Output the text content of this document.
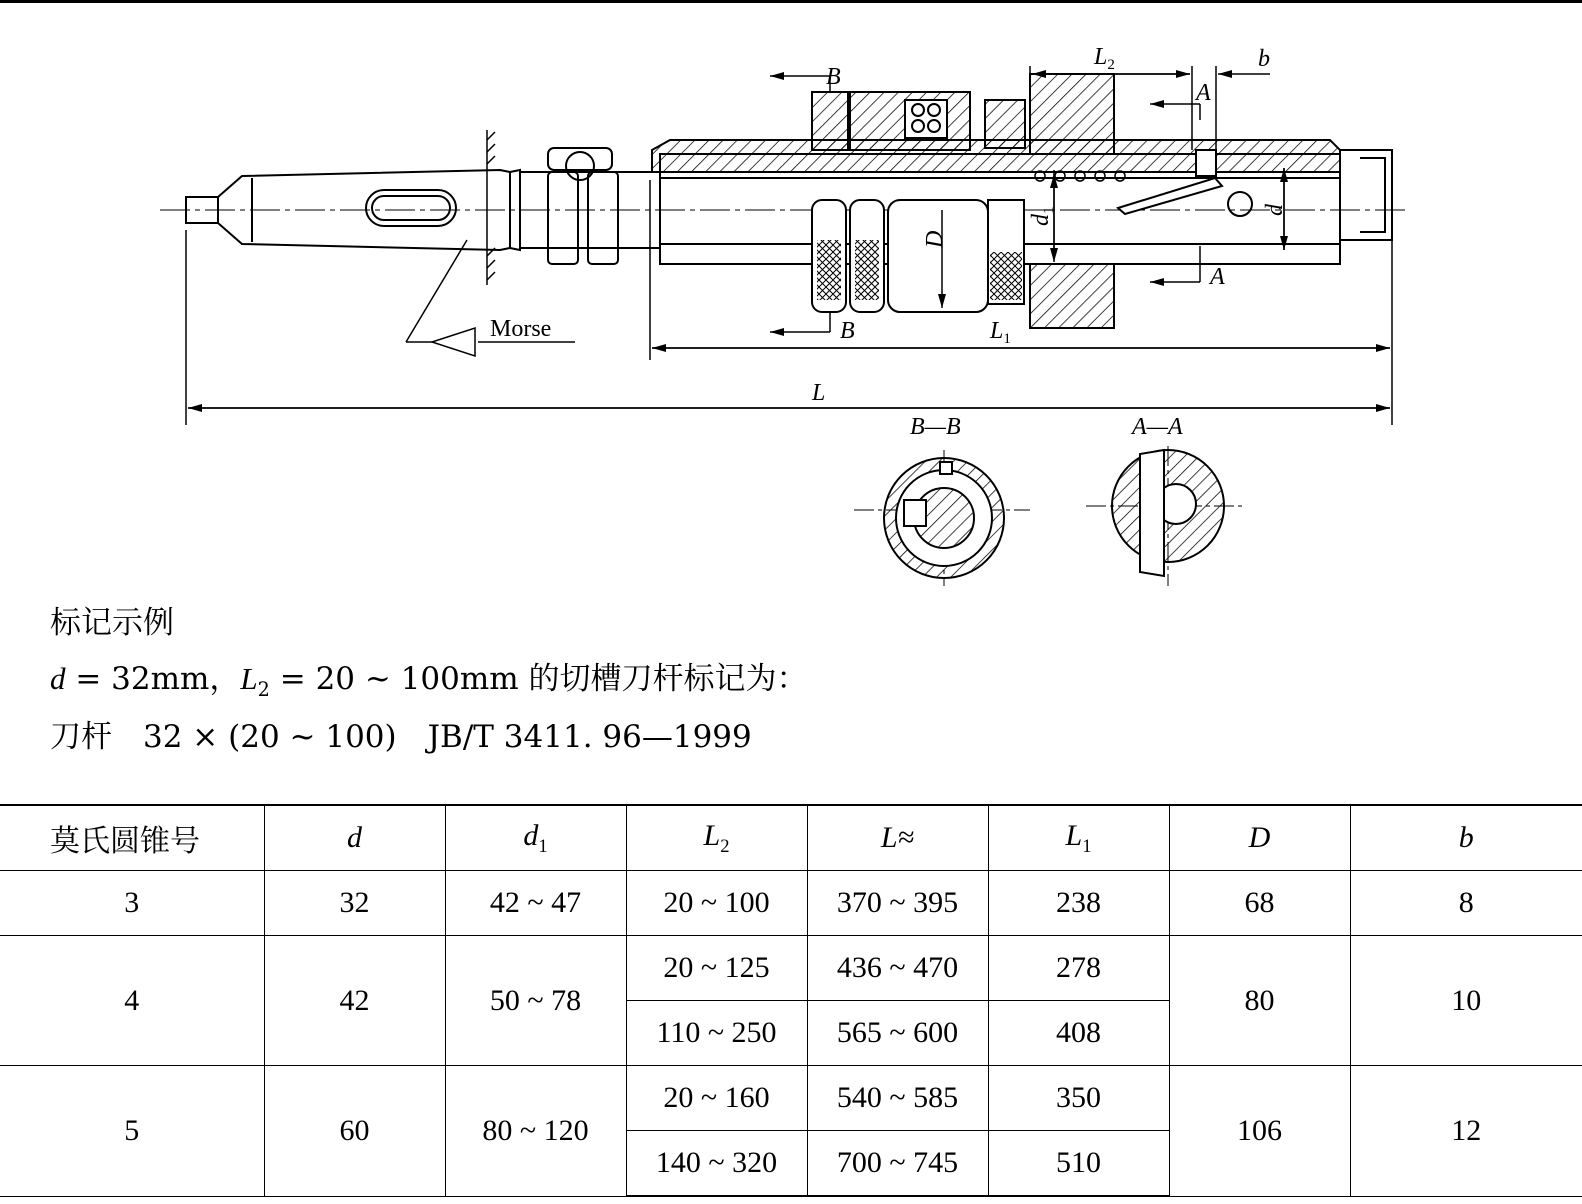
Morse
L
$L_1$
$L_2$	b
D
$d_1$	d
B
B
A
A
B—B	A—A
标记示例
d = 32mm，$L_2 = 20$ ~ 100mm 的切槽刀杆标记为：
刀杆　32 × (20 ~ 100)　JB/T 3411. 96—1999
莫氏圆锥号	d	$d_1$	$L_2$	L≈	$L_1$	D	b
3	32	42 ~ 47	20 ~ 100	370 ~ 395	238	68	8
4	42	50 ~ 78	20 ~ 125	436 ~ 470	278	80	10
			110 ~ 250	565 ~ 600	408		
5	60	80 ~ 120	20 ~ 160	540 ~ 585	350	106	12
			140 ~ 320	700 ~ 745	510		
